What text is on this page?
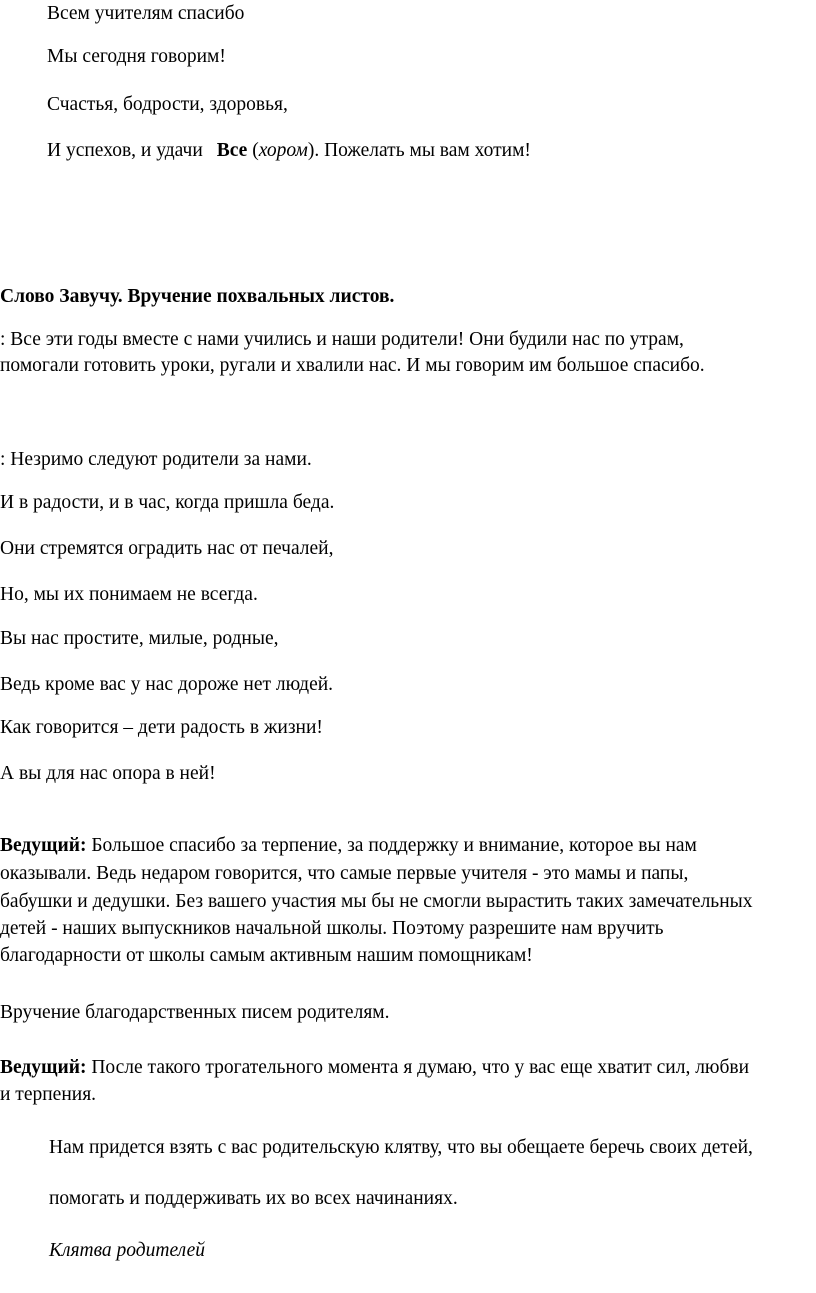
Всем учителям спасибо
Мы сегодня говорим!
Счастья, бодрости, здоровья,
И успехов, и удачи Все (хором). Пожелать мы вам хотим!
Слово Завучу. Вручение похвальных листов.
: Все эти годы вместе с нами учились и наши родители! Они будили нас по утрам,
помогали готовить уроки, ругали и хвалили нас. И мы говорим им большое спасибо.
: Незримо следуют родители за нами.
И в радости, и в час, когда пришла беда.
Они стремятся оградить нас от печалей,
Но, мы их понимаем не всегда.
Вы нас простите, милые, родные,
Ведь кроме вас у нас дороже нет людей.
Как говорится – дети радость в жизни!
А вы для нас опора в ней!
Ведущий: Большое спасибо за терпение, за поддержку и внимание, которое вы нам
оказывали. Ведь недаром говорится, что самые первые учителя - это мамы и папы,
бабушки и дедушки. Без вашего участия мы бы не смогли вырастить таких замечательных
детей - наших выпускников начальной школы. Поэтому разрешите нам вручить
благодарности от школы самым активным нашим помощникам!
Вручение благодарственных писем родителям.
Ведущий: После такого трогательного момента я думаю, что у вас еще хватит сил, любви
и терпения.
Нам придется взять с вас родительскую клятву, что вы обещаете беречь своих детей,
помогать и поддерживать их во всех начинаниях.
Клятва родителей
